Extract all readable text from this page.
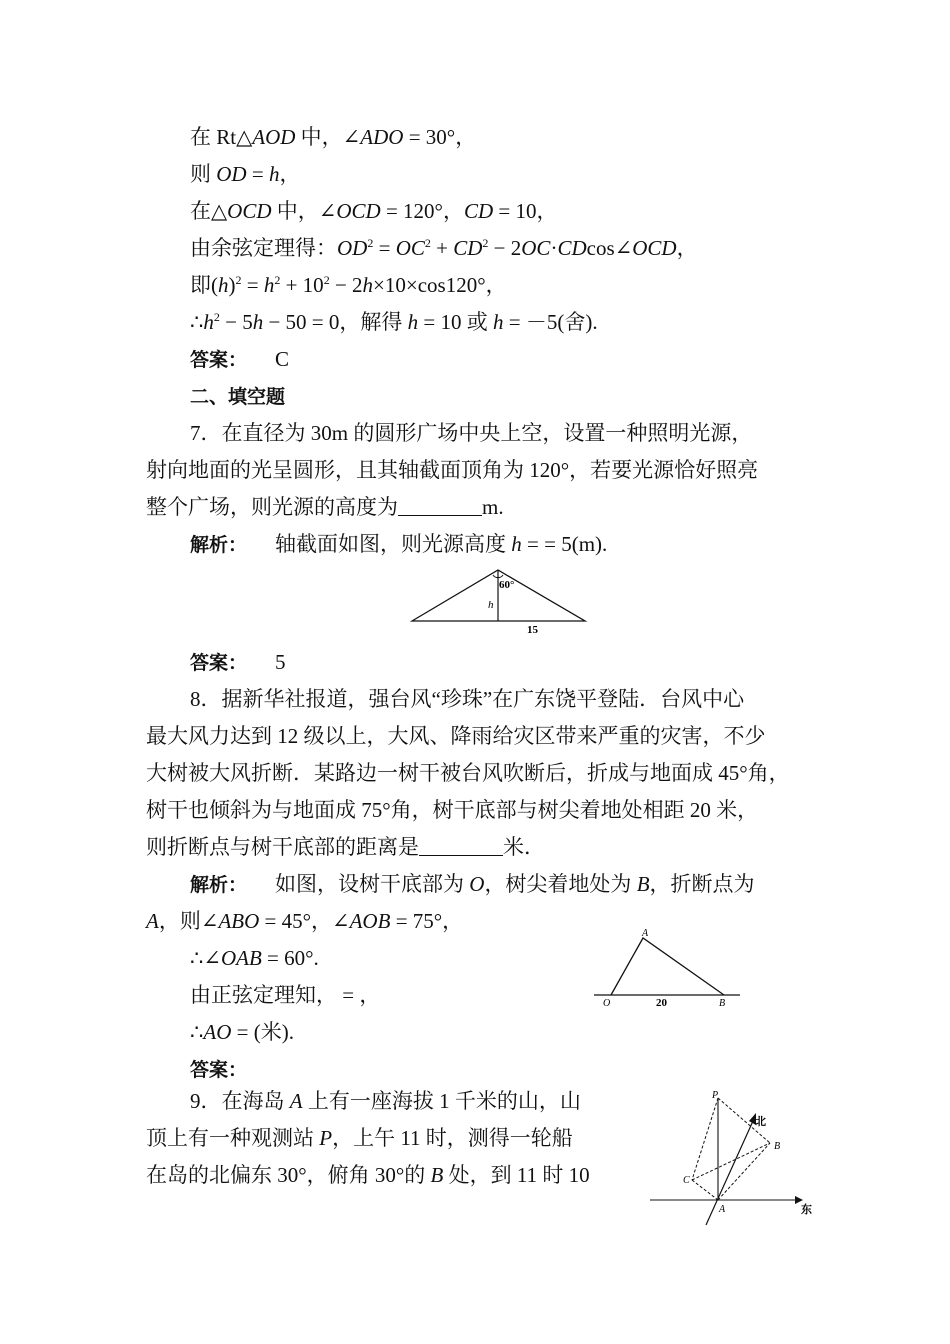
在 Rt△AOD 中，∠ADO = 30°，
则 OD = h，
在△OCD 中，∠OCD = 120°，CD = 10，
由余弦定理得：$OD^2 = OC^2 + CD^2$ − 2OC·CDcos∠OCD，
即$(h)^2 = h^2 + 10^2 - 2h\times 10\times\cos 120^\circ$，
$\therefore h^2 - 5h - 50 = 0$，解得 h = 10 或 h = －5(舍).
答案： C
二、填空题
7．在直径为 30m 的圆形广场中央上空，设置一种照明光源，
射向地面的光呈圆形，且其轴截面顶角为 120°，若要光源恰好照亮
整个广场，则光源的高度为	m.
解析： 轴截面如图，则光源高度 h = = 5(m).
60°
h
15
答案： 5
8．据新华社报道，强台风“珍珠”在广东饶平登陆．台风中心
最大风力达到 12 级以上，大风、降雨给灾区带来严重的灾害，不少
大树被大风折断．某路边一树干被台风吹断后，折成与地面成 45°角，
树干也倾斜为与地面成 75°角，树干底部与树尖着地处相距 20 米，
则折断点与树干底部的距离是	米．
解析： 如图，设树干底部为 O，树尖着地处为 B，折断点为
A，则∠ABO = 45°，∠AOB = 75°，
∴∠OAB = 60°.
由正弦定理知， = ，
∴AO = (米).
答案：
A
O	20	B
9．在海岛 A 上有一座海拔 1 千米的山，山
顶上有一种观测站 P，上午 11 时，测得一轮船
在岛的北偏东 30°，俯角 30°的 B 处，到 11 时 10
P
北
B
C
A	东
